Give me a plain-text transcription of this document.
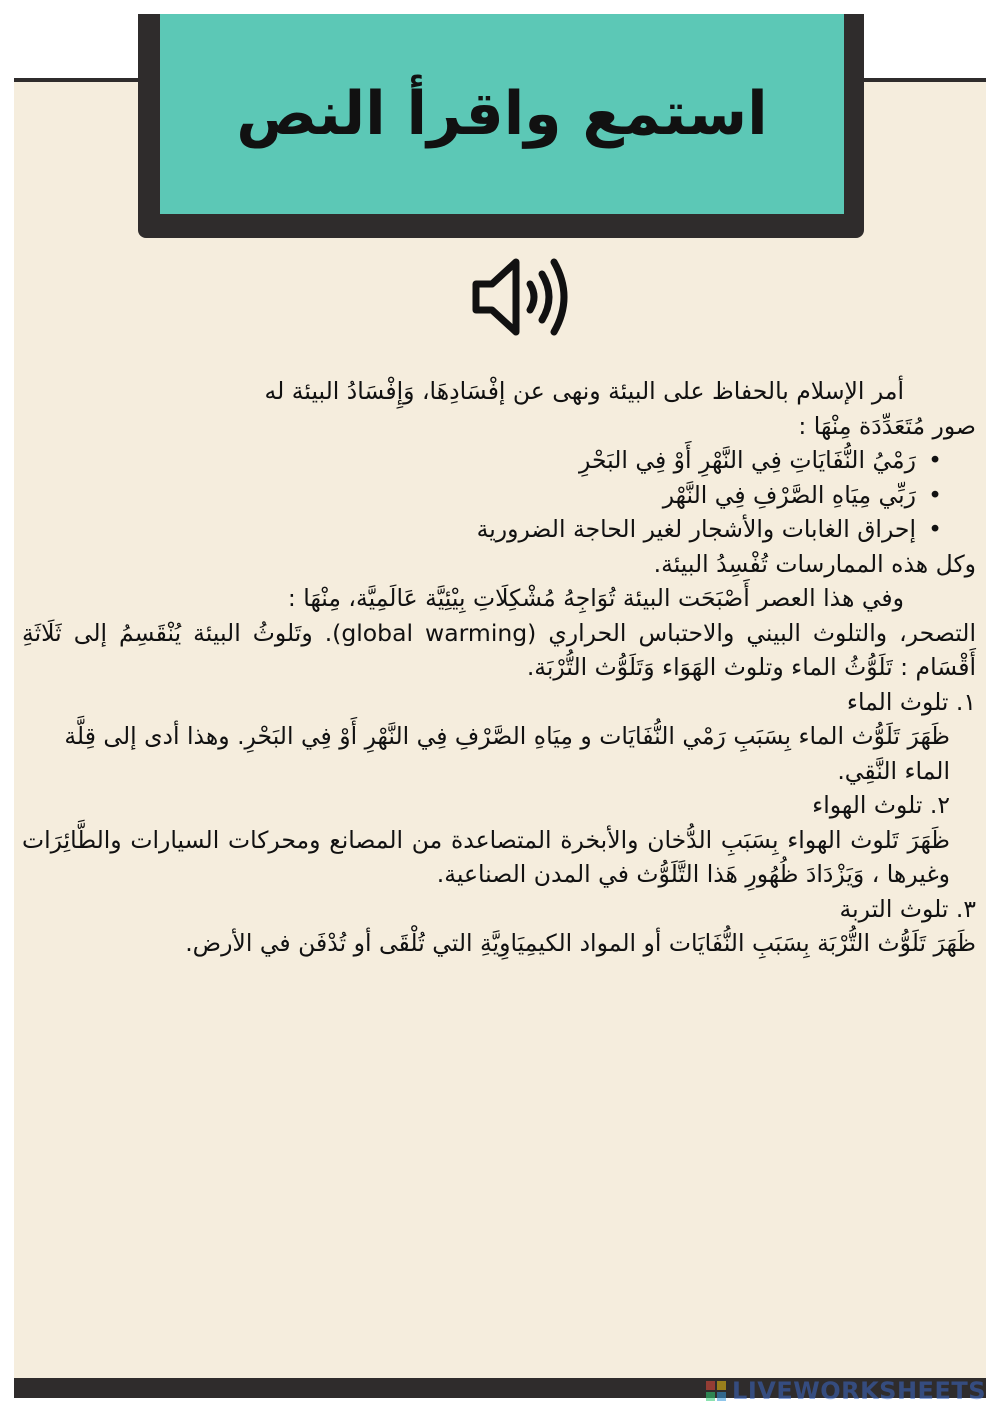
استمع واقرأ النص

أمر الإسلام بالحفاظ على البيئة ونهى عن إفْسَادِهَا، وَإِفْسَادُ البيئة له

صور مُتَعَدِّدَة مِنْهَا :

• رَمْيُ النُّفَايَاتِ فِي النَّهْرِ أَوْ فِي البَحْرِ
• رَبِّي مِيَاهِ الصَّرْفِ فِي النَّهْر
• إحراق الغابات والأشجار لغير الحاجة الضرورية

وكل هذه الممارسات تُفْسِدُ البيئة.

وفي هذا العصر أَصْبَحَت البيئة تُوَاجِهُ مُشْكِلَاتِ بِيْئِيَّة عَالَمِيَّة، مِنْهَا :

التصحر، والتلوث البيني والاحتباس الحراري (global warming). وتَلوثُ البيئة يُنْقَسِمُ إلى ثَلَاثَةِ أَقْسَام : تَلَوُّثُ الماء وتلوث الهَوَاء وَتَلَوُّث التُّرْبَة.

١. تلوث الماء

ظَهَرَ تَلَوُّث الماء بِسَبَبِ رَمْي النُّفَايَات و مِيَاهِ الصَّرْفِ فِي النَّهْرِ أَوْ فِي البَحْرِ. وهذا أدى إلى قِلَّة الماء النَّقِي.

٢. تلوث الهواء

ظَهَرَ تَلوث الهواء بِسَبَبِ الدُّخان والأبخرة المتصاعدة من المصانع ومحركات السيارات والطَّائِرَات وغيرها ، وَيَزْدَادَ ظُهُورِ هَذا التَّلَوُّث في المدن الصناعية.

٣. تلوث التربة

ظَهَرَ تَلَوُّث التُّرْبَة بِسَبَبِ النُّفَايَات أو المواد الكيمِيَاوِيَّةِ التي تُلْقَى أو تُدْفَن في الأرض.

LIVEWORKSHEETS
